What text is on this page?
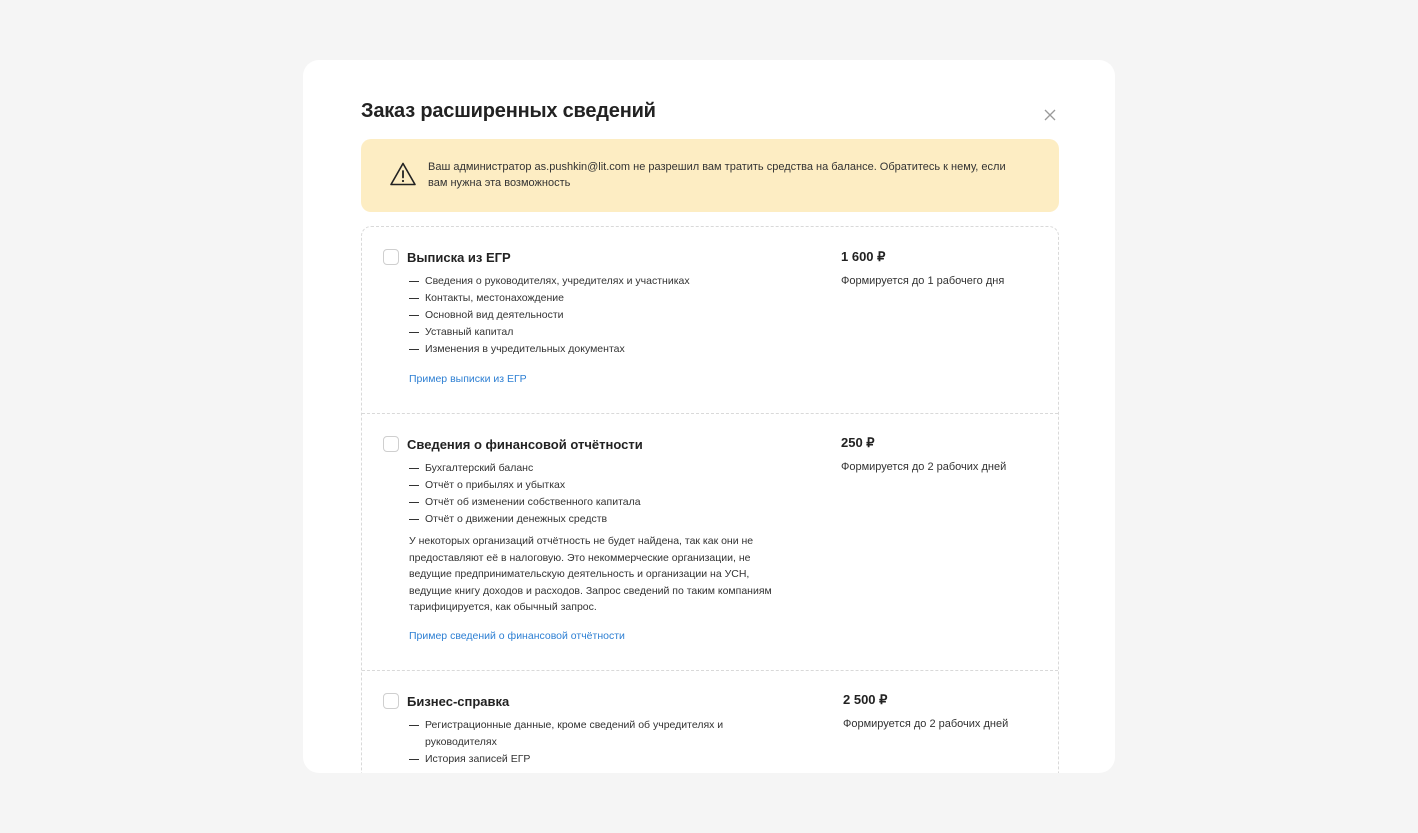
Заказ расширенных сведений
Ваш администратор as.pushkin@lit.com не разрешил вам тратить средства на балансе. Обратитесь к нему, если вам нужна эта возможность
Выписка из ЕГР	1 600 ₽
Формируется до 1 рабочего дня
Сведения о руководителях, учредителях и участниках
Контакты, местонахождение
Основной вид деятельности
Уставный капитал
Изменения в учредительных документах
Пример выписки из ЕГР
Сведения о финансовой отчётности	250 ₽
Формируется до 2 рабочих дней
Бухгалтерский баланс
Отчёт о прибылях и убытках
Отчёт об изменении собственного капитала
Отчёт о движении денежных средств

У некоторых организаций отчётность не будет найдена, так как они не предоставляют её в налоговую. Это некоммерческие организации, не ведущие предпринимательскую деятельность и организации на УСН, ведущие книгу доходов и расходов. Запрос сведений по таким компаниям тарифицируется, как обычный запрос.

Пример сведений о финансовой отчётности
Бизнес-справка	2 500 ₽
Формируется до 2 рабочих дней
Регистрационные данные, кроме сведений об учредителях и руководителях
История записей ЕГР
